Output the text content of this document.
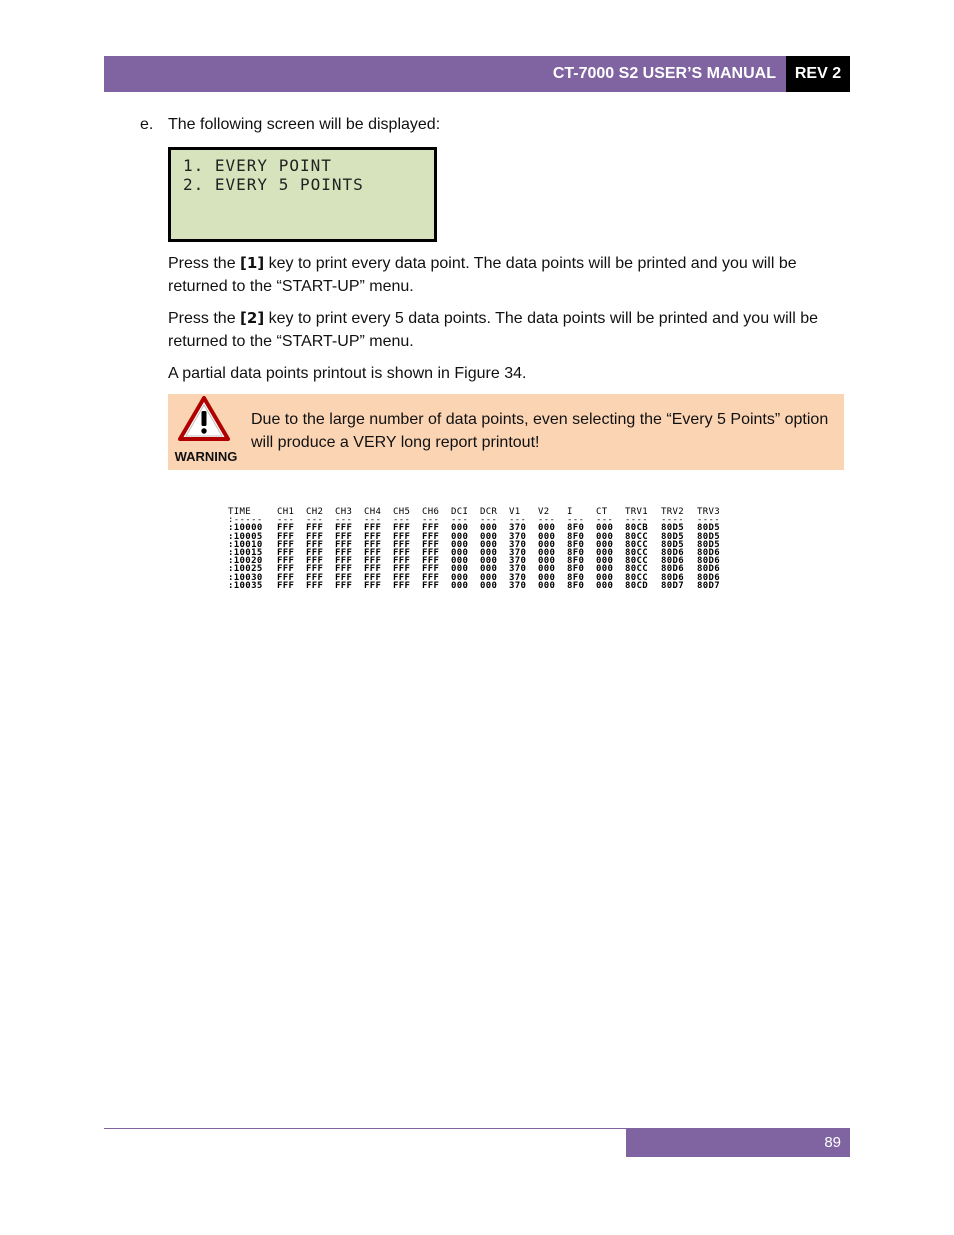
CT-7000 S2 USER’S MANUAL REV 2
e. The following screen will be displayed:
1. EVERY POINT
2. EVERY 5 POINTS
Press the [1] key to print every data point. The data points will be printed and you will be returned to the “START-UP” menu.
Press the [2] key to print every 5 data points. The data points will be printed and you will be returned to the “START-UP” menu.
A partial data points printout is shown in Figure 34.
WARNING
Due to the large number of data points, even selecting the “Every 5 Points” option will produce a VERY long report printout!
TIME	CH1	CH2	CH3	CH4	CH5	CH6	DCI	DCR	V1	V2	I	CT	TRV1	TRV2	TRV3
:-----	---	---	---	---	---	---	---	---	---	---	---	---	----	----	----
:10000	FFF	FFF	FFF	FFF	FFF	FFF	000	000	370	000	8F0	000	80CB	80D5	80D5
:10005	FFF	FFF	FFF	FFF	FFF	FFF	000	000	370	000	8F0	000	80CC	80D5	80D5
:10010	FFF	FFF	FFF	FFF	FFF	FFF	000	000	370	000	8F0	000	80CC	80D5	80D5
:10015	FFF	FFF	FFF	FFF	FFF	FFF	000	000	370	000	8F0	000	80CC	80D6	80D6
:10020	FFF	FFF	FFF	FFF	FFF	FFF	000	000	370	000	8F0	000	80CC	80D6	80D6
:10025	FFF	FFF	FFF	FFF	FFF	FFF	000	000	370	000	8F0	000	80CC	80D6	80D6
:10030	FFF	FFF	FFF	FFF	FFF	FFF	000	000	370	000	8F0	000	80CC	80D6	80D6
:10035	FFF	FFF	FFF	FFF	FFF	FFF	000	000	370	000	8F0	000	80CD	80D7	80D7
89
